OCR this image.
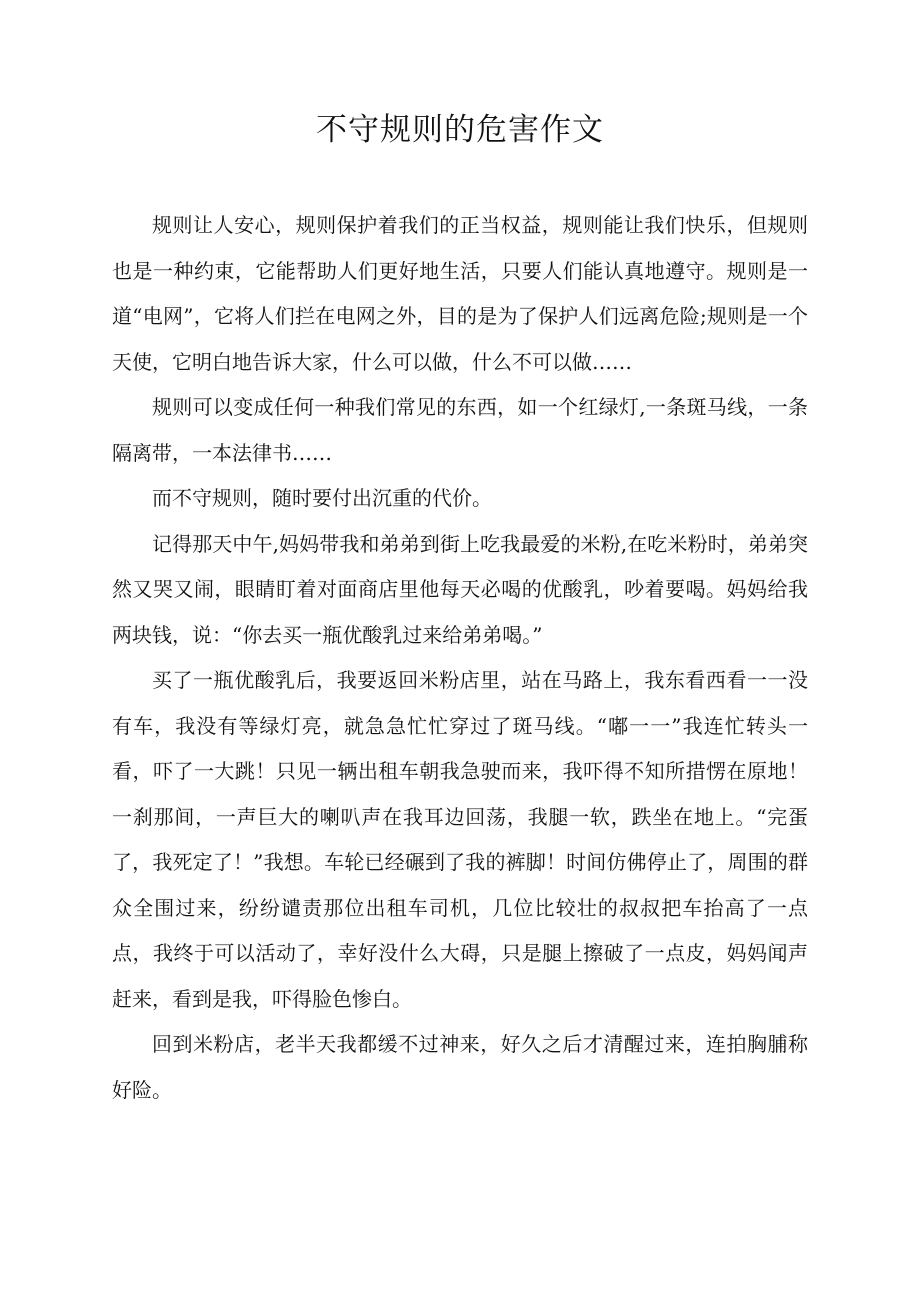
不守规则的危害作文

规则让人安心，规则保护着我们的正当权益，规则能让我们快乐，但规则也是一种约束，它能帮助人们更好地生活，只要人们能认真地遵守。规则是一道“电网”，它将人们拦在电网之外，目的是为了保护人们远离危险;规则是一个天使，它明白地告诉大家，什么可以做，什么不可以做……

规则可以变成任何一种我们常见的东西，如一个红绿灯,一条斑马线，一条隔离带，一本法律书……

而不守规则，随时要付出沉重的代价。

记得那天中午,妈妈带我和弟弟到街上吃我最爱的米粉,在吃米粉时，弟弟突然又哭又闹，眼睛盯着对面商店里他每天必喝的优酸乳，吵着要喝。妈妈给我两块钱，说：“你去买一瓶优酸乳过来给弟弟喝。”

买了一瓶优酸乳后，我要返回米粉店里，站在马路上，我东看西看一一没有车，我没有等绿灯亮，就急急忙忙穿过了斑马线。“嘟一一”我连忙转头一看，吓了一大跳！只见一辆出租车朝我急驶而来，我吓得不知所措愣在原地！一刹那间，一声巨大的喇叭声在我耳边回荡，我腿一软，跌坐在地上。“完蛋了，我死定了！”我想。车轮已经碾到了我的裤脚！时间仿佛停止了，周围的群众全围过来，纷纷谴责那位出租车司机，几位比较壮的叔叔把车抬高了一点点，我终于可以活动了，幸好没什么大碍，只是腿上擦破了一点皮，妈妈闻声赶来，看到是我，吓得脸色惨白。

回到米粉店，老半天我都缓不过神来，好久之后才清醒过来，连拍胸脯称好险。
